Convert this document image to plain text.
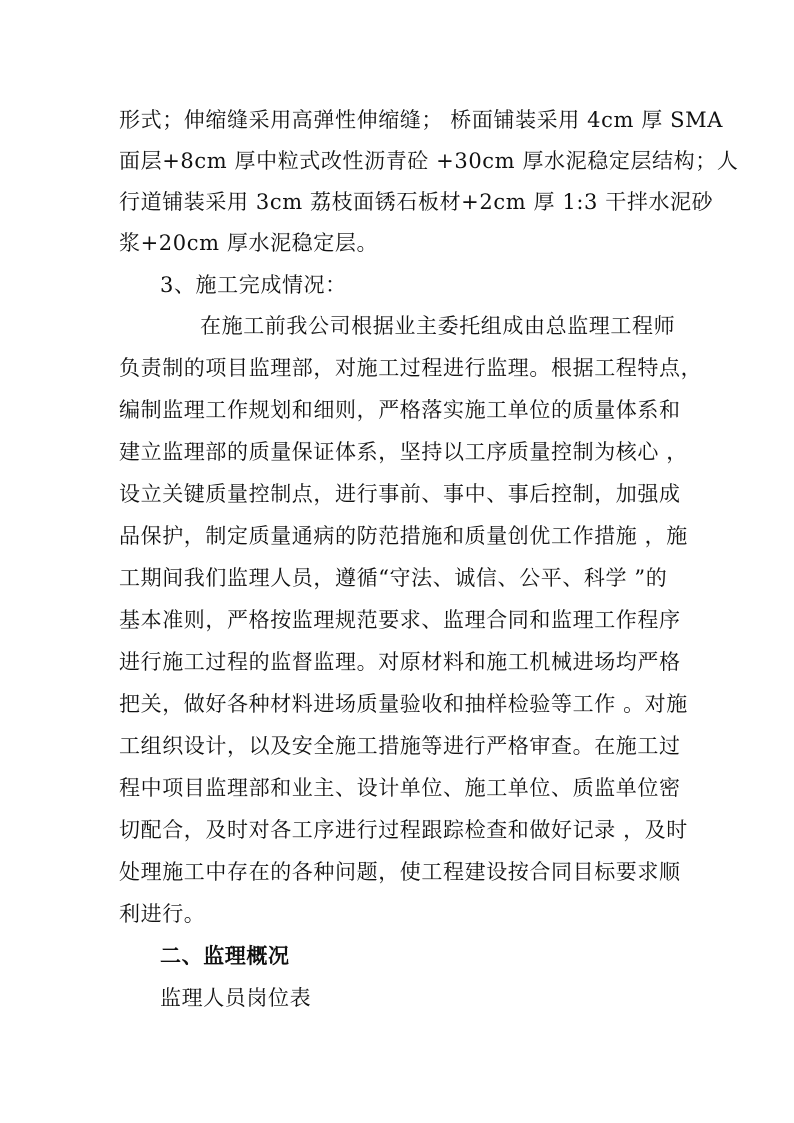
形式；伸缩缝采用高弹性伸缩缝； 桥面铺装采用 4cm 厚 SMA
面层+8cm 厚中粒式改性沥青砼 +30cm 厚水泥稳定层结构；人
行道铺装采用 3cm 荔枝面锈石板材+2cm 厚 1:3 干拌水泥砂
浆+20cm 厚水泥稳定层。
3、施工完成情况：
在施工前我公司根据业主委托组成由总监理工程师
负责制的项目监理部，对施工过程进行监理。根据工程特点，
编制监理工作规划和细则，严格落实施工单位的质量体系和
建立监理部的质量保证体系，坚持以工序质量控制为核心 ，
设立关键质量控制点，进行事前、事中、事后控制，加强成
品保护，制定质量通病的防范措施和质量创优工作措施 ，施
工期间我们监理人员，遵循“守法、诚信、公平、科学 ”的
基本准则，严格按监理规范要求、监理合同和监理工作程序
进行施工过程的监督监理。对原材料和施工机械进场均严格
把关，做好各种材料进场质量验收和抽样检验等工作 。对施
工组织设计，以及安全施工措施等进行严格审查。在施工过
程中项目监理部和业主、设计单位、施工单位、质监单位密
切配合，及时对各工序进行过程跟踪检查和做好记录 ，及时
处理施工中存在的各种问题，使工程建设按合同目标要求顺
利进行。
二、监理概况
监理人员岗位表
